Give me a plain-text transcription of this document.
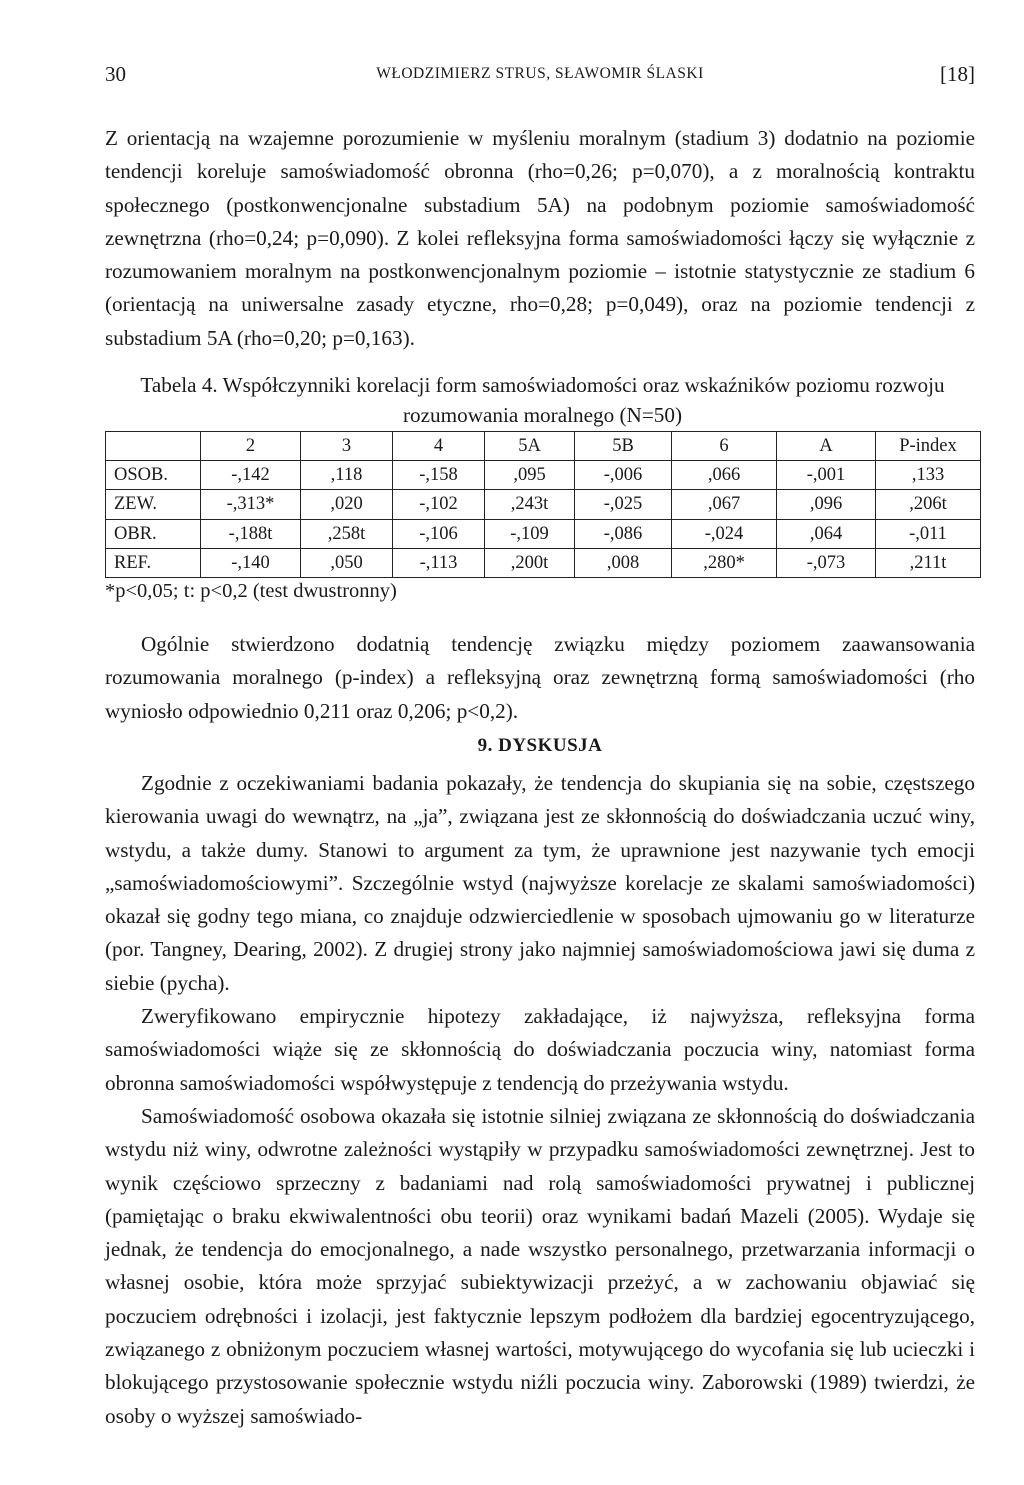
30	WŁODZIMIERZ STRUS, SŁAWOMIR ŚLASKI	[18]

Z orientacją na wzajemne porozumienie w myśleniu moralnym (stadium 3) dodatnio na poziomie tendencji koreluje samoświadomość obronna (rho=0,26; p=0,070), a z moralnością kontraktu społecznego (postkonwencjonalne substadium 5A) na podobnym poziomie samoświadomość zewnętrzna (rho=0,24; p=0,090). Z kolei refleksyjna forma samoświadomości łączy się wyłącznie z rozumowaniem moralnym na postkonwencjonalnym poziomie – istotnie statystycznie ze stadium 6 (orientacją na uniwersalne zasady etyczne, rho=0,28; p=0,049), oraz na poziomie tendencji z substadium 5A (rho=0,20; p=0,163).

Tabela 4. Współczynniki korelacji form samoświadomości oraz wskaźników poziomu rozwoju rozumowania moralnego (N=50)
	2	3	4	5A	5B	6	A	P-index
OSOB.	-,142	,118	-,158	,095	-,006	,066	-,001	,133
ZEW.	-,313*	,020	-,102	,243t	-,025	,067	,096	,206t
OBR.	-,188t	,258t	-,106	-,109	-,086	-,024	,064	-,011
REF.	-,140	,050	-,113	,200t	,008	,280*	-,073	,211t
*p<0,05; t: p<0,2 (test dwustronny)

Ogólnie stwierdzono dodatnią tendencję związku między poziomem zaawansowania rozumowania moralnego (p-index) a refleksyjną oraz zewnętrzną formą samoświadomości (rho wyniosło odpowiednio 0,211 oraz 0,206; p<0,2).

9. DYSKUSJA

Zgodnie z oczekiwaniami badania pokazały, że tendencja do skupiania się na sobie, częstszego kierowania uwagi do wewnątrz, na „ja”, związana jest ze skłonnością do doświadczania uczuć winy, wstydu, a także dumy. Stanowi to argument za tym, że uprawnione jest nazywanie tych emocji „samoświadomościowymi”. Szczególnie wstyd (najwyższe korelacje ze skalami samoświadomości) okazał się godny tego miana, co znajduje odzwierciedlenie w sposobach ujmowaniu go w literaturze (por. Tangney, Dearing, 2002). Z drugiej strony jako najmniej samoświadomościowa jawi się duma z siebie (pycha).

Zweryfikowano empirycznie hipotezy zakładające, iż najwyższa, refleksyjna forma samoświadomości wiąże się ze skłonnością do doświadczania poczucia winy, natomiast forma obronna samoświadomości współwystępuje z tendencją do przeżywania wstydu.

Samoświadomość osobowa okazała się istotnie silniej związana ze skłonnością do doświadczania wstydu niż winy, odwrotne zależności wystąpiły w przypadku samoświadomości zewnętrznej. Jest to wynik częściowo sprzeczny z badaniami nad rolą samoświadomości prywatnej i publicznej (pamiętając o braku ekwiwalentności obu teorii) oraz wynikami badań Mazeli (2005). Wydaje się jednak, że tendencja do emocjonalnego, a nade wszystko personalnego, przetwarzania informacji o własnej osobie, która może sprzyjać subiektywizacji przeżyć, a w zachowaniu objawiać się poczuciem odrębności i izolacji, jest faktycznie lepszym podłożem dla bardziej egocentryzującego, związanego z obniżonym poczuciem własnej wartości, motywującego do wycofania się lub ucieczki i blokującego przystosowanie społecznie wstydu niźli poczucia winy. Zaborowski (1989) twierdzi, że osoby o wyższej samoświado-
